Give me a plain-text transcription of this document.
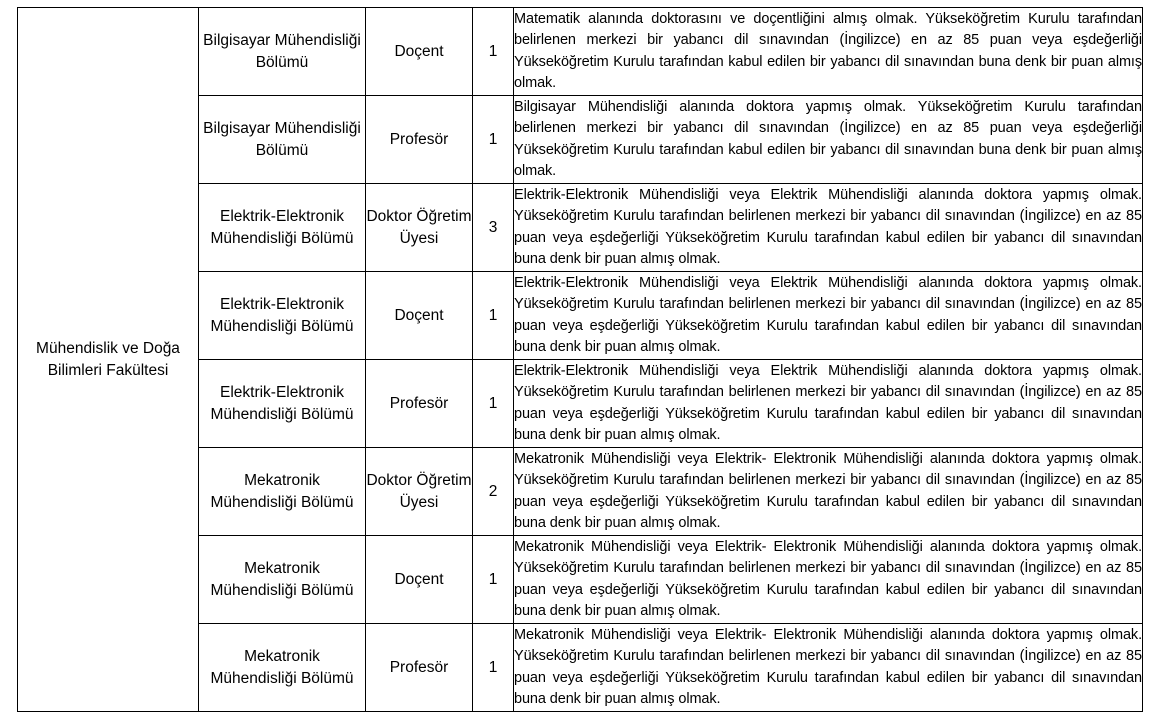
Mühendislik ve Doğa Bilimleri Fakültesi	Bilgisayar Mühendisliği Bölümü	Doçent	1	Matematik alanında doktorasını ve doçentliğini almış olmak. Yükseköğretim Kurulu tarafından belirlenen merkezi bir yabancı dil sınavından (İngilizce) en az 85 puan veya eşdeğerliği Yükseköğretim Kurulu tarafından kabul edilen bir yabancı dil sınavından buna denk bir puan almış olmak.
	Bilgisayar Mühendisliği Bölümü	Profesör	1	Bilgisayar Mühendisliği alanında doktora yapmış olmak. Yükseköğretim Kurulu tarafından belirlenen merkezi bir yabancı dil sınavından (İngilizce) en az 85 puan veya eşdeğerliği Yükseköğretim Kurulu tarafından kabul edilen bir yabancı dil sınavından buna denk bir puan almış olmak.
	Elektrik-Elektronik Mühendisliği Bölümü	Doktor Öğretim Üyesi	3	Elektrik-Elektronik Mühendisliği veya Elektrik Mühendisliği alanında doktora yapmış olmak. Yükseköğretim Kurulu tarafından belirlenen merkezi bir yabancı dil sınavından (İngilizce) en az 85 puan veya eşdeğerliği Yükseköğretim Kurulu tarafından kabul edilen bir yabancı dil sınavından buna denk bir puan almış olmak.
	Elektrik-Elektronik Mühendisliği Bölümü	Doçent	1	Elektrik-Elektronik Mühendisliği veya Elektrik Mühendisliği alanında doktora yapmış olmak. Yükseköğretim Kurulu tarafından belirlenen merkezi bir yabancı dil sınavından (İngilizce) en az 85 puan veya eşdeğerliği Yükseköğretim Kurulu tarafından kabul edilen bir yabancı dil sınavından buna denk bir puan almış olmak.
	Elektrik-Elektronik Mühendisliği Bölümü	Profesör	1	Elektrik-Elektronik Mühendisliği veya Elektrik Mühendisliği alanında doktora yapmış olmak. Yükseköğretim Kurulu tarafından belirlenen merkezi bir yabancı dil sınavından (İngilizce) en az 85 puan veya eşdeğerliği Yükseköğretim Kurulu tarafından kabul edilen bir yabancı dil sınavından buna denk bir puan almış olmak.
	Mekatronik Mühendisliği Bölümü	Doktor Öğretim Üyesi	2	Mekatronik Mühendisliği veya Elektrik- Elektronik Mühendisliği alanında doktora yapmış olmak. Yükseköğretim Kurulu tarafından belirlenen merkezi bir yabancı dil sınavından (İngilizce) en az 85 puan veya eşdeğerliği Yükseköğretim Kurulu tarafından kabul edilen bir yabancı dil sınavından buna denk bir puan almış olmak.
	Mekatronik Mühendisliği Bölümü	Doçent	1	Mekatronik Mühendisliği veya Elektrik- Elektronik Mühendisliği alanında doktora yapmış olmak. Yükseköğretim Kurulu tarafından belirlenen merkezi bir yabancı dil sınavından (İngilizce) en az 85 puan veya eşdeğerliği Yükseköğretim Kurulu tarafından kabul edilen bir yabancı dil sınavından buna denk bir puan almış olmak.
	Mekatronik Mühendisliği Bölümü	Profesör	1	Mekatronik Mühendisliği veya Elektrik- Elektronik Mühendisliği alanında doktora yapmış olmak. Yükseköğretim Kurulu tarafından belirlenen merkezi bir yabancı dil sınavından (İngilizce) en az 85 puan veya eşdeğerliği Yükseköğretim Kurulu tarafından kabul edilen bir yabancı dil sınavından buna denk bir puan almış olmak.
